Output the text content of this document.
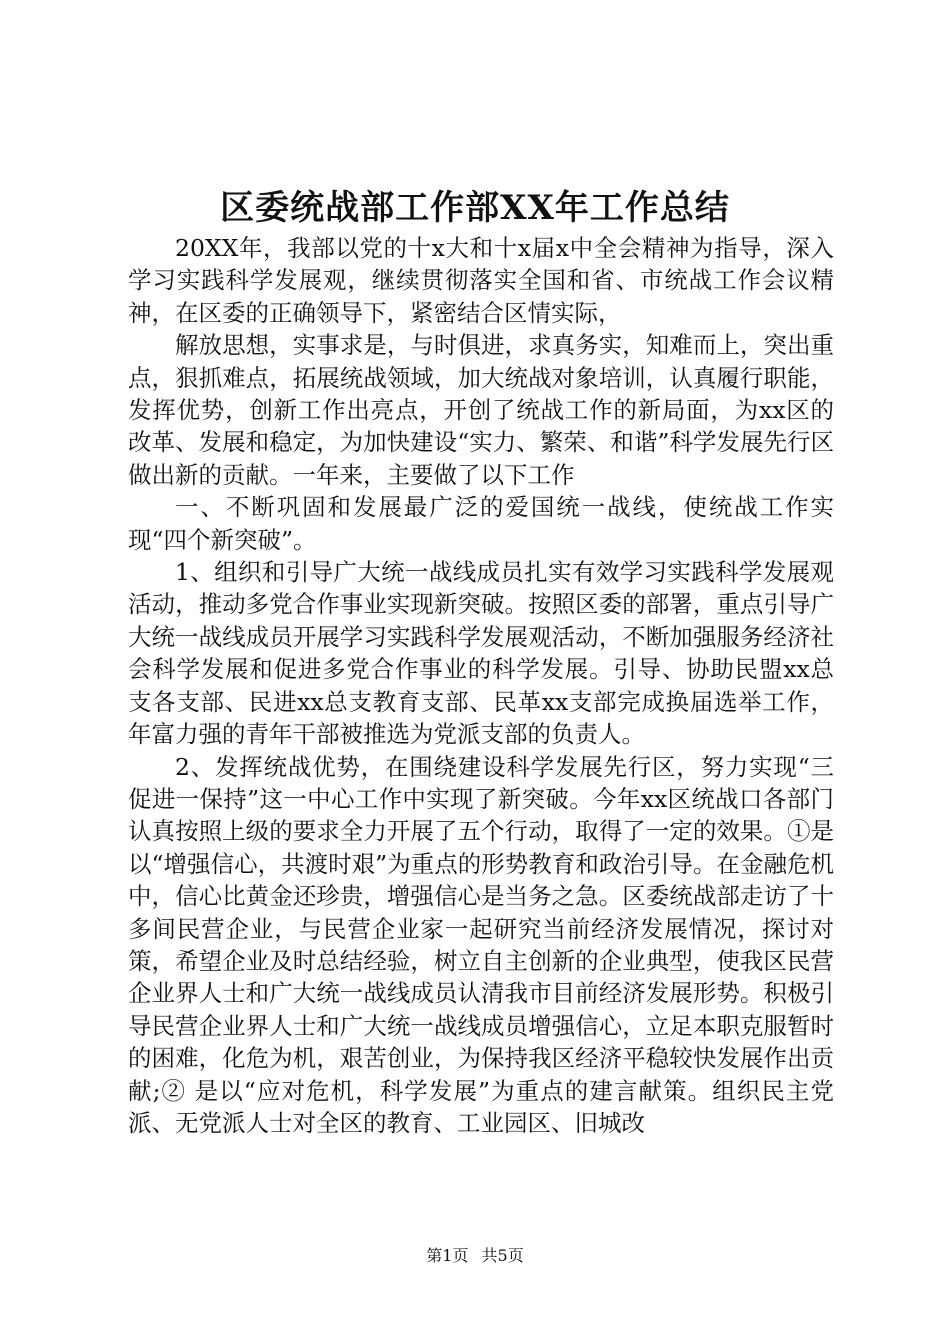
区委统战部工作部XX年工作总结

20XX年，我部以党的十x大和十x届x中全会精神为指导，深入学习实践科学发展观，继续贯彻落实全国和省、市统战工作会议精神，在区委的正确领导下，紧密结合区情实际，

解放思想，实事求是，与时俱进，求真务实，知难而上，突出重点，狠抓难点，拓展统战领域，加大统战对象培训，认真履行职能，发挥优势，创新工作出亮点，开创了统战工作的新局面，为xx区的改革、发展和稳定，为加快建设“实力、繁荣、和谐”科学发展先行区做出新的贡献。一年来，主要做了以下工作

一、不断巩固和发展最广泛的爱国统一战线，使统战工作实现“四个新突破”。

1、组织和引导广大统一战线成员扎实有效学习实践科学发展观活动，推动多党合作事业实现新突破。按照区委的部署，重点引导广大统一战线成员开展学习实践科学发展观活动，不断加强服务经济社会科学发展和促进多党合作事业的科学发展。引导、协助民盟xx总支各支部、民进xx总支教育支部、民革xx支部完成换届选举工作，年富力强的青年干部被推选为党派支部的负责人。

2、发挥统战优势，在围绕建设科学发展先行区，努力实现“三促进一保持”这一中心工作中实现了新突破。今年xx区统战口各部门认真按照上级的要求全力开展了五个行动，取得了一定的效果。①是以“增强信心，共渡时艰”为重点的形势教育和政治引导。在金融危机中，信心比黄金还珍贵，增强信心是当务之急。区委统战部走访了十多间民营企业，与民营企业家一起研究当前经济发展情况，探讨对策，希望企业及时总结经验，树立自主创新的企业典型，使我区民营企业界人士和广大统一战线成员认清我市目前经济发展形势。积极引导民营企业界人士和广大统一战线成员增强信心，立足本职克服暂时的困难，化危为机，艰苦创业，为保持我区经济平稳较快发展作出贡献;② 是以“应对危机，科学发展”为重点的建言献策。组织民主党派、无党派人士对全区的教育、工业园区、旧城改

第1页 共5页
